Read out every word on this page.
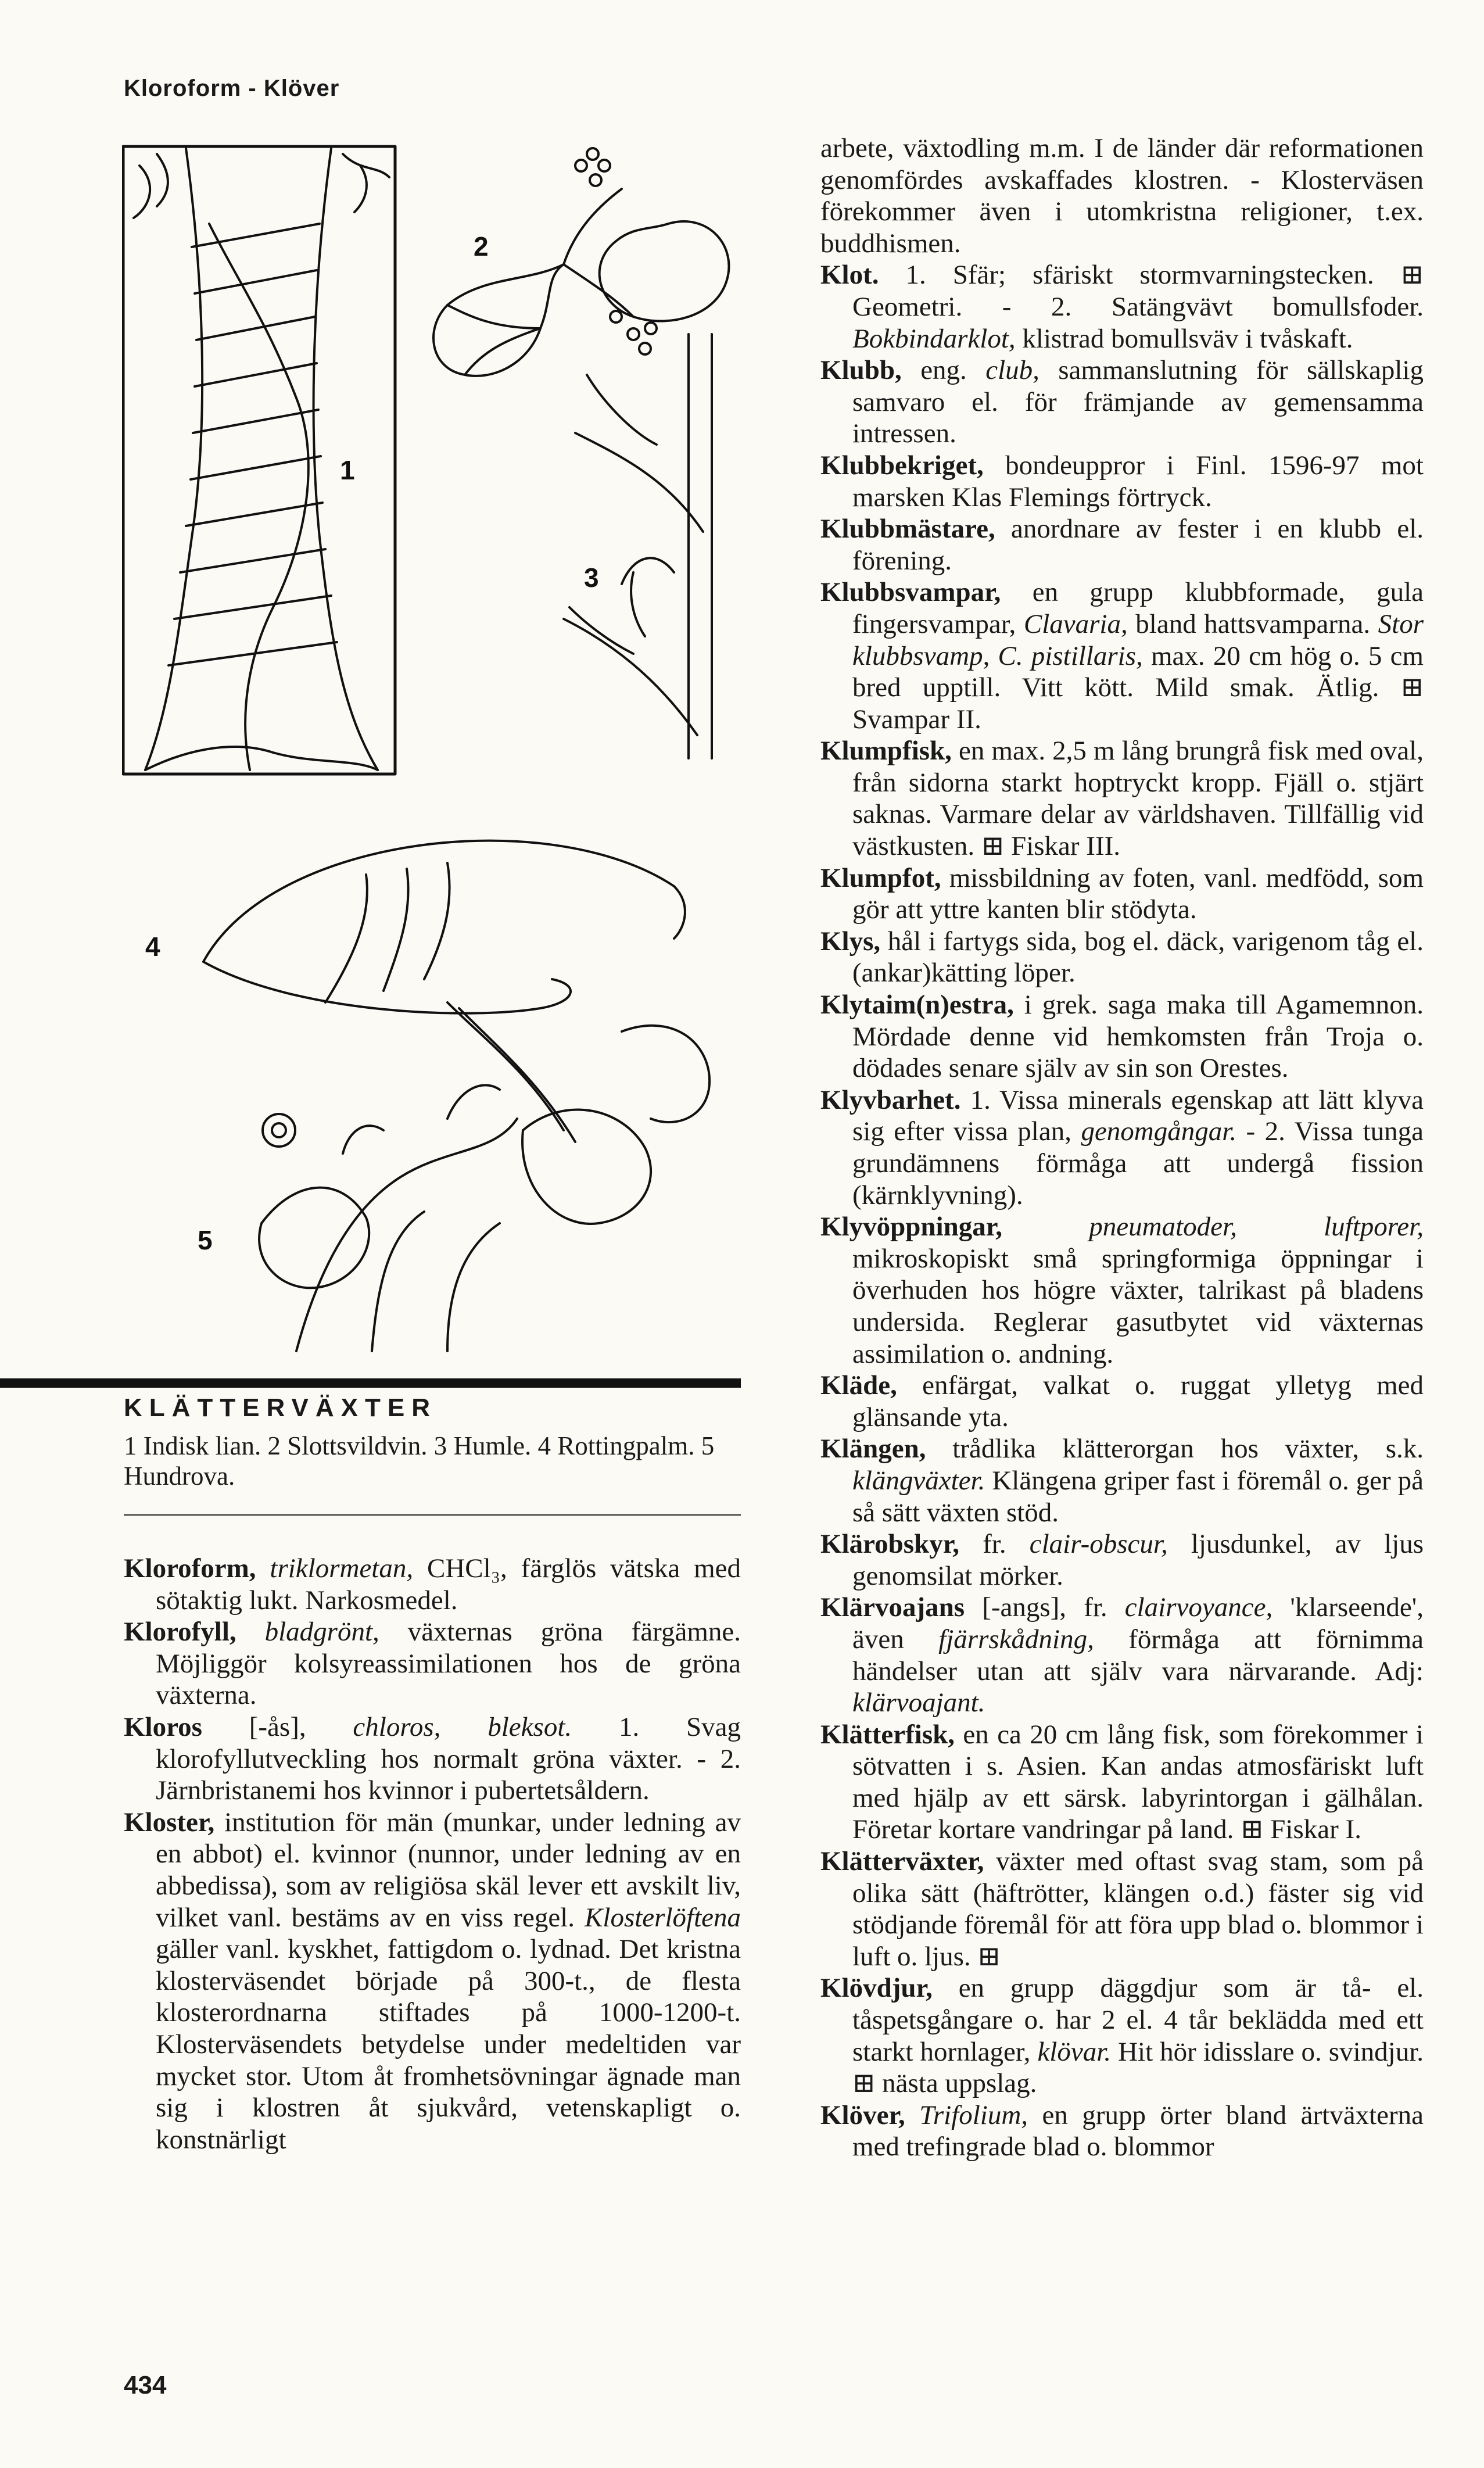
Kloroform - Klöver
1
2
3
4
5
KLÄTTERVÄXTER
1 Indisk lian. 2 Slottsvildvin. 3 Humle. 4 Rottingpalm. 5 Hundrova.

Kloroform, triklormetan, CHCl₃, färglös vätska med sötaktig lukt. Narkosmedel.

Klorofyll, bladgrönt, växternas gröna färgämne. Möjliggör kolsyreassimilationen hos de gröna växterna.

Kloros [-ås], chloros, bleksot. 1. Svag klorofyllutveckling hos normalt gröna växter. - 2. Järnbristanemi hos kvinnor i pubertetsåldern.

Kloster, institution för män (munkar, under ledning av en abbot) el. kvinnor (nunnor, under ledning av en abbedissa), som av religiösa skäl lever ett avskilt liv, vilket vanl. bestäms av en viss regel. Klosterlöftena gäller vanl. kyskhet, fattigdom o. lydnad. Det kristna klosterväsendet började på 300-t., de flesta klosterordnarna stiftades på 1000-1200-t. Klosterväsendets betydelse under medeltiden var mycket stor. Utom åt fromhetsövningar ägnade man sig i klostren åt sjukvård, vetenskapligt o. konstnärligt

arbete, växtodling m.m. I de länder där reformationen genomfördes avskaffades klostren. - Klosterväsen förekommer även i utomkristna religioner, t.ex. buddhismen.

Klot. 1. Sfär; sfäriskt stormvarningstecken. ⊞ Geometri. - 2. Satängvävt bomullsfoder. Bokbindarklot, klistrad bomullsväv i tvåskaft.

Klubb, eng. club, sammanslutning för sällskaplig samvaro el. för främjande av gemensamma intressen.

Klubbekriget, bondeuppror i Finl. 1596-97 mot marsken Klas Flemings förtryck.

Klubbmästare, anordnare av fester i en klubb el. förening.

Klubbsvampar, en grupp klubbformade, gula fingersvampar, Clavaria, bland hattsvamparna. Stor klubbsvamp, C. pistillaris, max. 20 cm hög o. 5 cm bred upptill. Vitt kött. Mild smak. Ätlig. ⊞ Svampar II.

Klumpfisk, en max. 2,5 m lång brungrå fisk med oval, från sidorna starkt hoptryckt kropp. Fjäll o. stjärt saknas. Varmare delar av världshaven. Tillfällig vid västkusten. ⊞ Fiskar III.

Klumpfot, missbildning av foten, vanl. medfödd, som gör att yttre kanten blir stödyta.

Klys, hål i fartygs sida, bog el. däck, varigenom tåg el. (ankar)kätting löper.

Klytaim(n)estra, i grek. saga maka till Agamemnon. Mördade denne vid hemkomsten från Troja o. dödades senare själv av sin son Orestes.

Klyvbarhet. 1. Vissa minerals egenskap att lätt klyva sig efter vissa plan, genomgångar. - 2. Vissa tunga grundämnens förmåga att undergå fission (kärnklyvning).

Klyvöppningar,	pneumatoder, luftporer, mikroskopiskt små springformiga öppningar i överhuden hos högre växter, talrikast på bladens undersida. Reglerar gasutbytet vid växternas assimilation o. andning.

Kläde, enfärgat, valkat o. ruggat ylletyg med glänsande yta.

Klängen, trådlika klätterorgan hos växter, s.k. klängväxter. Klängena griper fast i föremål o. ger på så sätt växten stöd.

Klärobskyr, fr. clair-obscur, ljusdunkel, av ljus genomsilat mörker.

Klärvoajans [-angs], fr. clairvoyance, 'klarseende', även fjärrskådning, förmåga att förnimma händelser utan att själv vara närvarande. Adj: klärvoajant.

Klätterfisk, en ca 20 cm lång fisk, som förekommer i sötvatten i s. Asien. Kan andas atmosfäriskt luft med hjälp av ett särsk. labyrintorgan i gälhålan. Företar kortare vandringar på land. ⊞ Fiskar I.

Klätterväxter, växter med oftast svag stam, som på olika sätt (häftrötter, klängen o.d.) fäster sig vid stödjande föremål för att föra upp blad o. blommor i luft o. ljus. ⊞

Klövdjur, en grupp däggdjur som är tå- el. tåspetsgångare o. har 2 el. 4 tår beklädda med ett starkt hornlager, klövar. Hit hör idisslare o. svindjur. ⊞ nästa uppslag.

Klöver, Trifolium, en grupp örter bland ärtväxterna med trefingrade blad o. blommor

434
